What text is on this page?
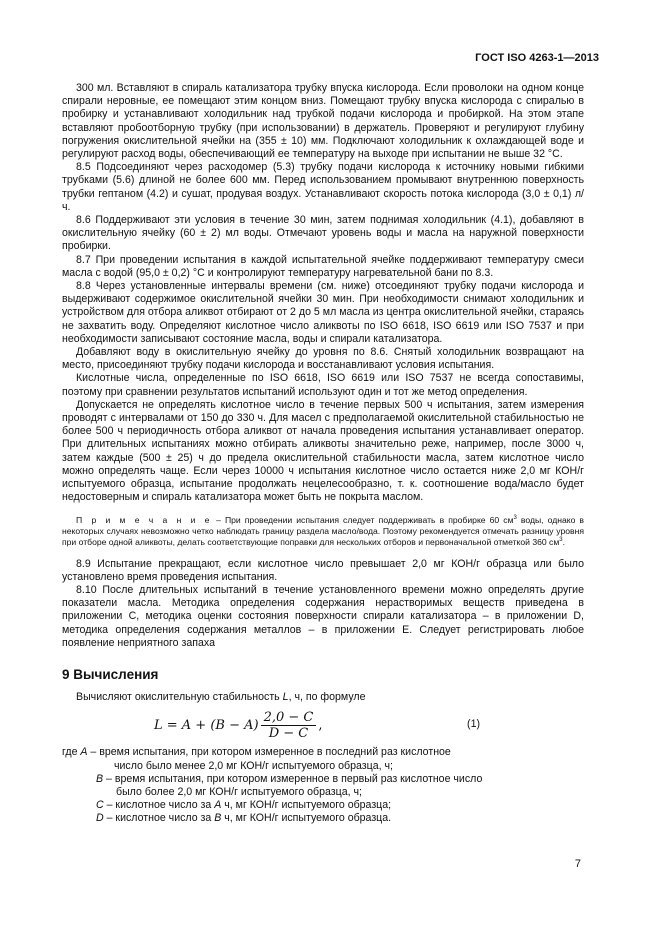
ГОСТ ISO 4263-1—2013

300 мл. Вставляют в спираль катализатора трубку впуска кислорода. Если проволоки на одном конце спирали неровные, ее помещают этим концом вниз. Помещают трубку впуска кислорода с спиралью в пробирку и устанавливают холодильник над трубкой подачи кислорода и пробиркой. На этом этапе вставляют пробоотборную трубку (при использовании) в держатель. Проверяют и регулируют глубину погружения окислительной ячейки на (355 ± 10) мм. Подключают холодильник к охлаждающей воде и регулируют расход воды, обеспечивающий ее температуру на выходе при испытании не выше 32 °С.

8.5 Подсоединяют через расходомер (5.3) трубку подачи кислорода к источнику новыми гибкими трубками (5.6) длиной не более 600 мм. Перед использованием промывают внутреннюю поверхность трубки гептаном (4.2) и сушат, продувая воздух. Устанавливают скорость потока кислорода (3,0 ± 0,1) л/ч.

8.6 Поддерживают эти условия в течение 30 мин, затем поднимая холодильник (4.1), добавляют в окислительную ячейку (60 ± 2) мл воды. Отмечают уровень воды и масла на наружной поверхности пробирки.

8.7 При проведении испытания в каждой испытательной ячейке поддерживают температуру смеси масла с водой (95,0 ± 0,2) °С и контролируют температуру нагревательной бани по 8.3.

8.8 Через установленные интервалы времени (см. ниже) отсоединяют трубку подачи кислорода и выдерживают содержимое окислительной ячейки 30 мин. При необходимости снимают холодильник и устройством для отбора аликвот отбирают от 2 до 5 мл масла из центра окислительной ячейки, стараясь не захватить воду. Определяют кислотное число аликвоты по ISO 6618, ISO 6619 или ISO 7537 и при необходимости записывают состояние масла, воды и спирали катализатора.

Добавляют воду в окислительную ячейку до уровня по 8.6. Снятый холодильник возвращают на место, присоединяют трубку подачи кислорода и восстанавливают условия испытания.

Кислотные числа, определенные по ISO 6618, ISO 6619 или ISO 7537 не всегда сопоставимы, поэтому при сравнении результатов испытаний используют один и тот же метод определения.

Допускается не определять кислотное число в течение первых 500 ч испытания, затем измерения проводят с интервалами от 150 до 330 ч. Для масел с предполагаемой окислительной стабильностью не более 500 ч периодичность отбора аликвот от начала проведения испытания устанавливает оператор. При длительных испытаниях можно отбирать аликвоты значительно реже, например, после 3000 ч, затем каждые (500 ± 25) ч до предела окислительной стабильности масла, затем кислотное число можно определять чаще. Если через 10000 ч испытания кислотное число остается ниже 2,0 мг КОН/г испытуемого образца, испытание продолжать нецелесообразно, т. к. соотношение вода/масло будет недостоверным и спираль катализатора может быть не покрыта маслом.

П р и м е ч а н и е – При проведении испытания следует поддерживать в пробирке 60 $см^3$ воды, однако в некоторых случаях невозможно четко наблюдать границу раздела масло/вода. Поэтому рекомендуется отмечать разницу уровня при отборе одной аликвоты, делать соответствующие поправки для нескольких отборов и первоначальной отметкой 360 $см^3$.

8.9 Испытание прекращают, если кислотное число превышает 2,0 мг КОН/г образца или было установлено время проведения испытания.

8.10 После длительных испытаний в течение установленного времени можно определять другие показатели масла. Методика определения содержания нерастворимых веществ приведена в приложении С, методика оценки состояния поверхности спирали катализатора – в приложении D, методика определения содержания металлов – в приложении Е. Следует регистрировать любое появление неприятного запаха

9 Вычисления

Вычисляют окислительную стабильность L, ч, по формуле

$L = A + (B - A) \frac{2,0 - C}{D - C}$ ,	(1)

где A – время испытания, при котором измеренное в последний раз кислотное
число было менее 2,0 мг КОН/г испытуемого образца, ч;

B – время испытания, при котором измеренное в первый раз кислотное число
было более 2,0 мг КОН/г испытуемого образца, ч;

C – кислотное число за A ч, мг КОН/г испытуемого образца;

D – кислотное число за B ч, мг КОН/г испытуемого образца.

7
